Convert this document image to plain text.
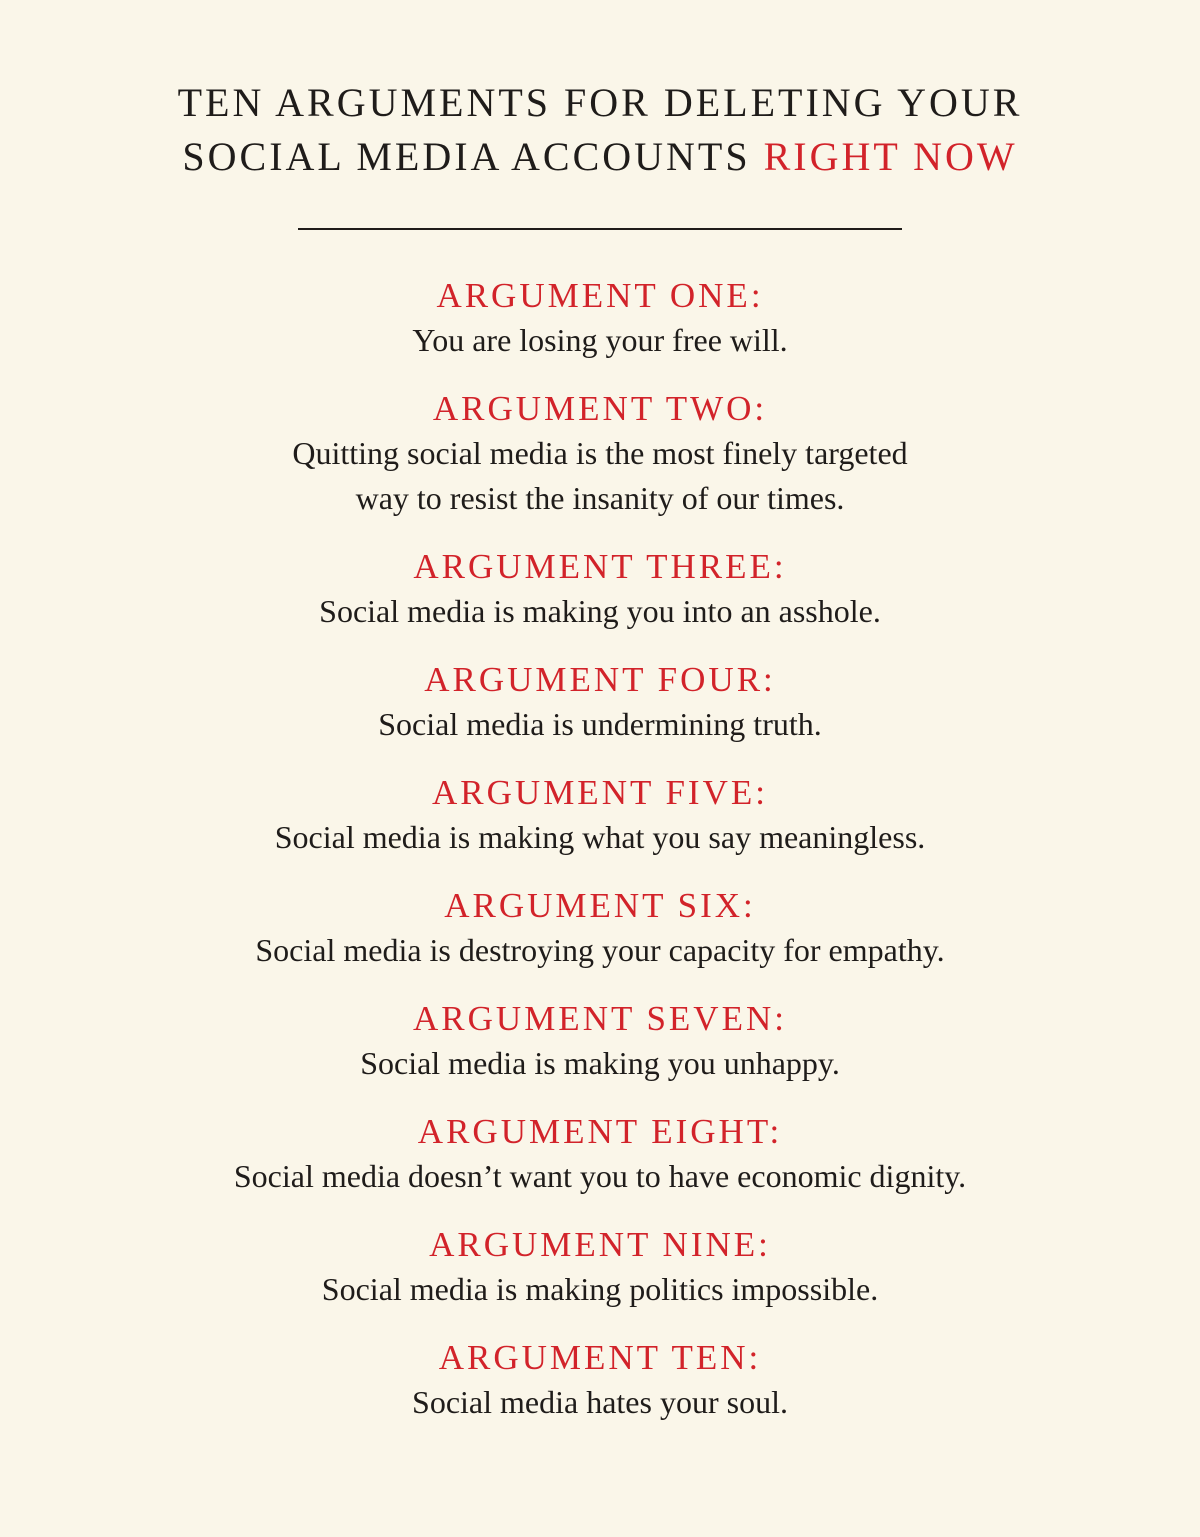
TEN ARGUMENTS FOR DELETING YOUR
SOCIAL MEDIA ACCOUNTS RIGHT NOW
ARGUMENT ONE:
You are losing your free will.
ARGUMENT TWO:
Quitting social media is the most finely targeted
way to resist the insanity of our times.
ARGUMENT THREE:
Social media is making you into an asshole.
ARGUMENT FOUR:
Social media is undermining truth.
ARGUMENT FIVE:
Social media is making what you say meaningless.
ARGUMENT SIX:
Social media is destroying your capacity for empathy.
ARGUMENT SEVEN:
Social media is making you unhappy.
ARGUMENT EIGHT:
Social media doesn’t want you to have economic dignity.
ARGUMENT NINE:
Social media is making politics impossible.
ARGUMENT TEN:
Social media hates your soul.
